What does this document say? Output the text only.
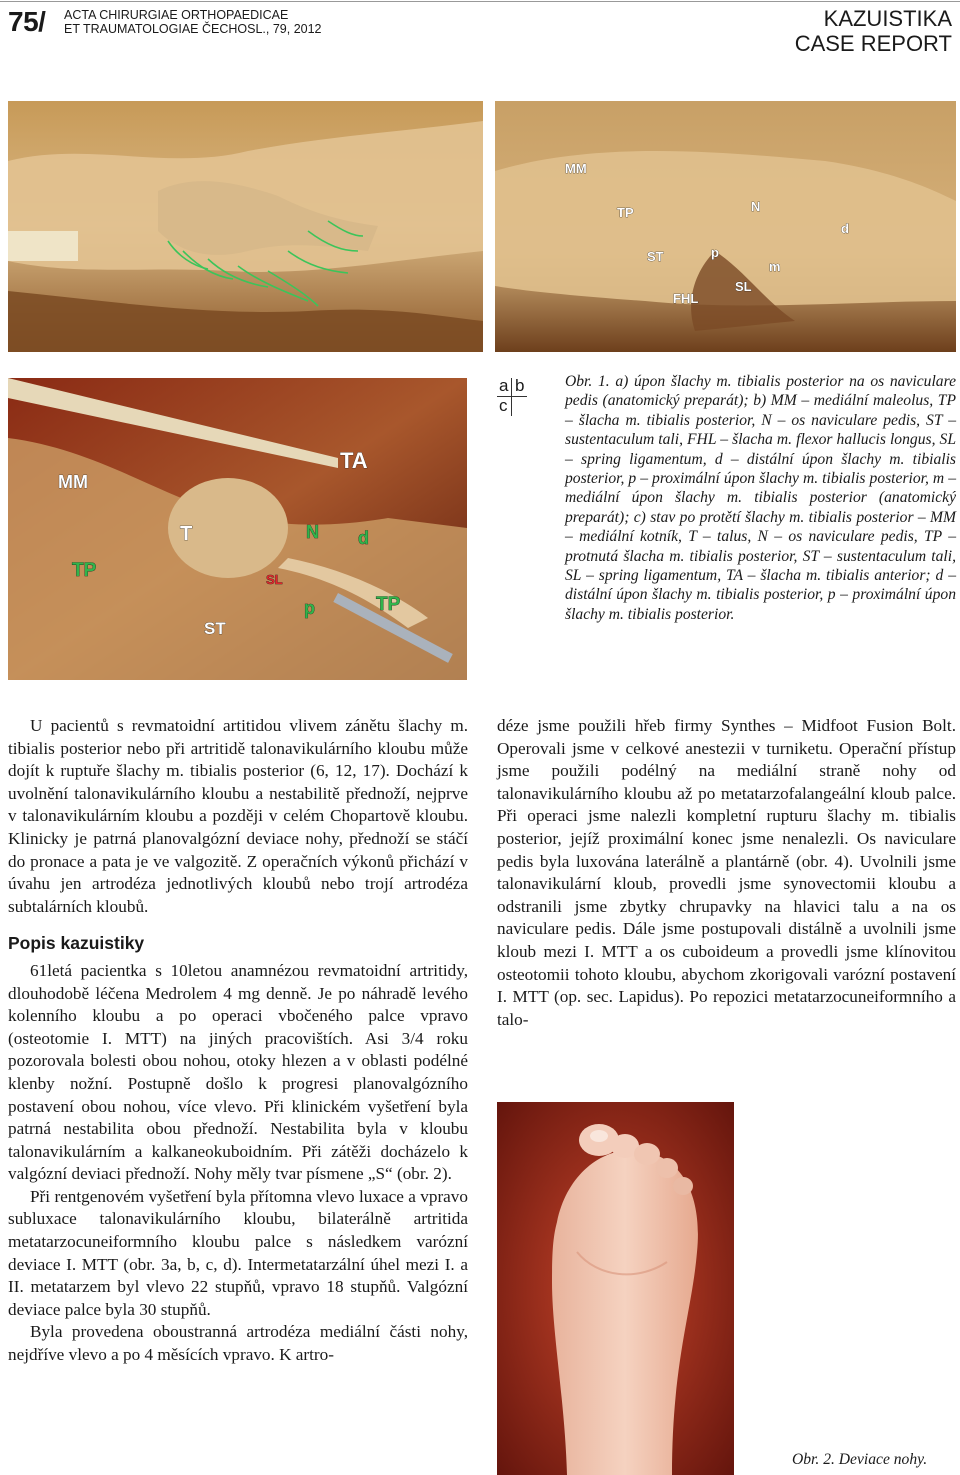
75/ ACTA CHIRURGIAE ORTHOPAEDICAE
ET TRAUMATOLOGIAE ČECHOSL., 79, 2012	KAZUISTIKA
CASE REPORT
MM
TP	N
d
ST	p
m
FHL
SL
MM
TA
T	N d
TP	SL
p	TP
ST
a b
c
Obr. 1. a) úpon šlachy m. tibialis posterior na os naviculare pedis (anatomický preparát); b) MM – mediální maleolus, TP – šlacha m. tibialis posterior, N – os naviculare pedis, ST – sustentaculum tali, FHL – šlacha m. flexor hallucis longus, SL – spring ligamentum, d – distální úpon šlachy m. tibialis posterior, p – proximální úpon šlachy m. tibialis posterior, m – mediální úpon šlachy m. tibialis posterior (anatomický preparát); c) stav po protětí šlachy m. tibialis posterior – MM – mediální kotník, T – talus, N – os naviculare pedis, TP – protnutá šlacha m. tibialis posterior, ST – sustentaculum tali, SL – spring ligamentum, TA – šlacha m. tibialis anterior; d – distální úpon šlachy m. tibialis posterior, p – proximální úpon šlachy m. tibialis posterior.

U pacientů s revmatoidní artitidou vlivem zánětu šlachy m. tibialis posterior nebo při artritidě talonavikulárního kloubu může dojít k ruptuře šlachy m. tibialis posterior (6, 12, 17). Dochází k uvolnění talonavikulárního kloubu a nestabilitě přednoží, nejprve v talonavikulárním kloubu a později v celém Chopartově kloubu. Klinicky je patrná planovalgózní deviace nohy, přednoží se stáčí do pronace a pata je ve valgozitě. Z operačních výkonů přichází v úvahu jen artrodéza jednotlivých kloubů nebo trojí artrodéza subtalárních kloubů.

Popis kazuistiky

61letá pacientka s 10letou anamnézou revmatoidní artritidy, dlouhodobě léčena Medrolem 4 mg denně. Je po náhradě levého kolenního kloubu a po operaci vbočeného palce vpravo (osteotomie I. MTT) na jiných pracovištích. Asi 3/4 roku pozorovala bolesti obou nohou, otoky hlezen a v oblasti podélné klenby nožní. Postupně došlo k progresi planovalgózního postavení obou nohou, více vlevo. Při klinickém vyšetření byla patrná nestabilita obou přednoží. Nestabilita byla v kloubu talonavikulárním a kalkaneokuboidním. Při zátěži docházelo k valgózní deviaci přednoží. Nohy měly tvar písmene „S“ (obr. 2).

Při rentgenovém vyšetření byla přítomna vlevo luxace a vpravo subluxace talonavikulárního kloubu, bilaterálně artritida metatarzocuneiformního kloubu palce s následkem varózní deviace I. MTT (obr. 3a, b, c, d). Intermetatarzální úhel mezi I. a II. metatarzem byl vlevo 22 stupňů, vpravo 18 stupňů. Valgózní deviace palce byla 30 stupňů.

Byla provedena oboustranná artrodéza mediální části nohy, nejdříve vlevo a po 4 měsících vpravo. K artro-

déze jsme použili hřeb firmy Synthes – Midfoot Fusion Bolt. Operovali jsme v celkové anestezii v turniketu. Operační přístup jsme použili podélný na mediální straně nohy od talonavikulárního kloubu až po metatarzofalangeální kloub palce. Při operaci jsme nalezli kompletní rupturu šlachy m. tibialis posterior, jejíž proximální konec jsme nenalezli. Os naviculare pedis byla luxována laterálně a plantárně (obr. 4). Uvolnili jsme talonavikulární kloub, provedli jsme synovectomii kloubu a odstranili jsme zbytky chrupavky na hlavici talu a na os naviculare pedis. Dále jsme postupovali distálně a uvolnili jsme kloub mezi I. MTT a os cuboideum a provedli jsme klínovitou osteotomii tohoto kloubu, abychom zkorigovali varózní postavení I. MTT (op. sec. Lapidus). Po repozici metatarzocuneiformního a talo-

Obr. 2. Deviace nohy.
